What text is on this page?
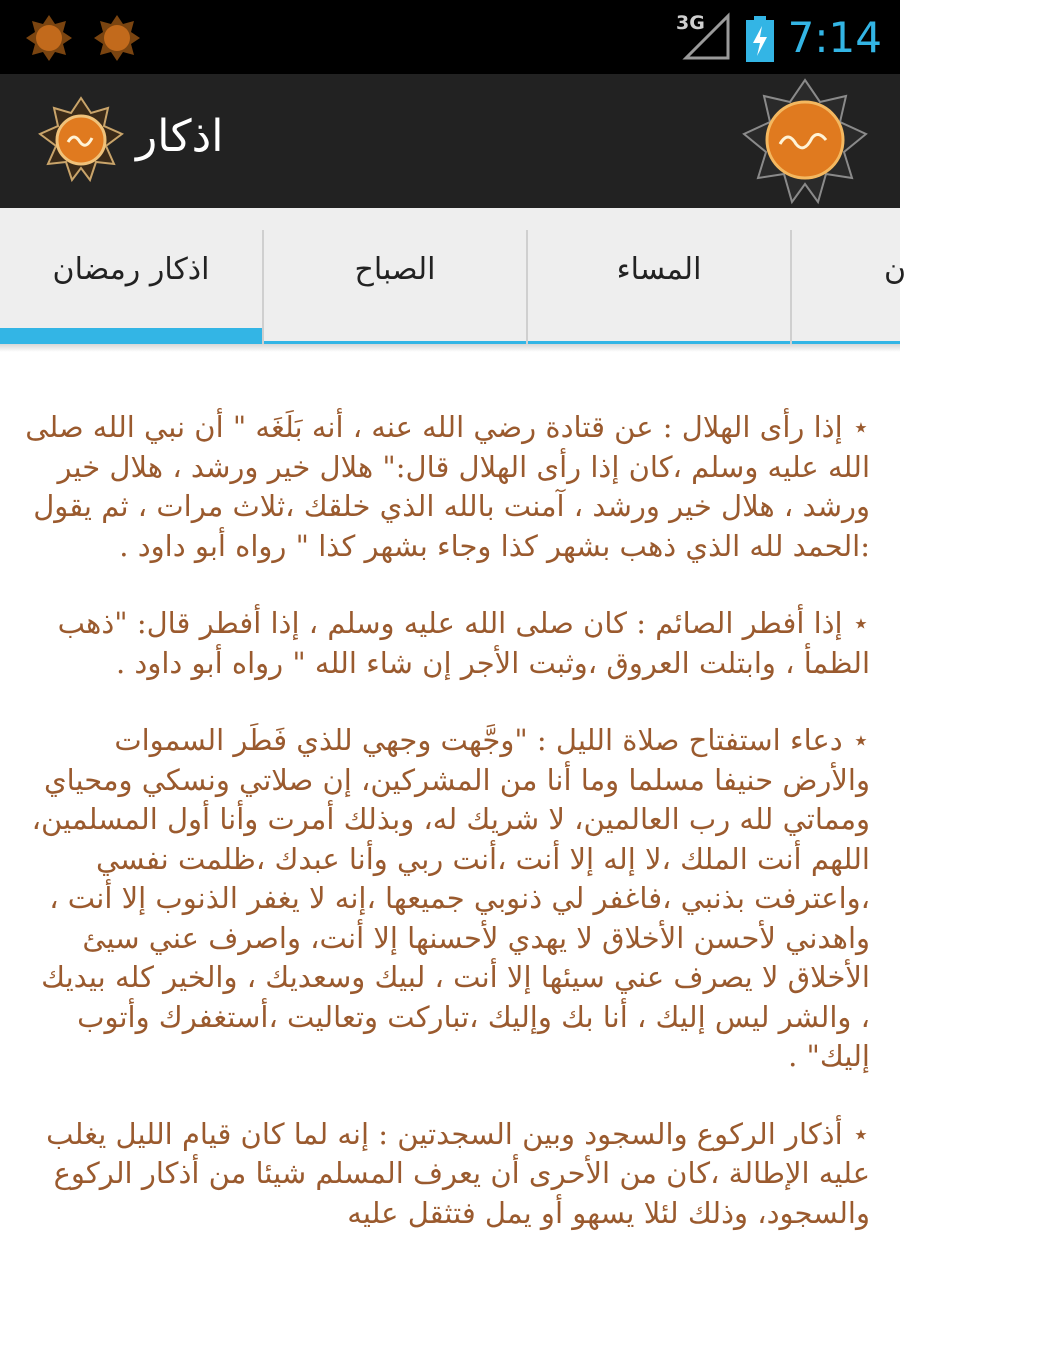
3G 7:14
اذكار
اذكار رمضان	الصباح	المساء	ن

⋆ إذا رأى الهلال : عن قتادة رضي الله عنه ، أنه بَلَغَه " أن نبي الله صلى الله عليه وسلم ،كان إذا رأى الهلال قال:" هلال خير ورشد ، هلال خير ورشد ، هلال خير ورشد ، آمنت بالله الذي خلقك ،ثلاث مرات ، ثم يقول :الحمد لله الذي ذهب بشهر كذا وجاء بشهر كذا " رواه أبو داود .

⋆ إذا أفطر الصائم : كان صلى الله عليه وسلم ، إذا أفطر قال: "ذهب الظمأ ، وابتلت العروق ،وثبت الأجر إن شاء الله " رواه أبو داود .

⋆ دعاء استفتاح صلاة الليل : "وجَّهت وجهي للذي فَطَر السموات والأرض حنيفا مسلما وما أنا من المشركين، إن صلاتي ونسكي ومحياي ومماتي لله رب العالمين، لا شريك له، وبذلك أمرت وأنا أول المسلمين، اللهم أنت الملك ،لا إله إلا أنت ،أنت ربي وأنا عبدك ،ظلمت نفسي ،واعترفت بذنبي ،فاغفر لي ذنوبي جميعها ،إنه لا يغفر الذنوب إلا أنت ، واهدني لأحسن الأخلاق لا يهدي لأحسنها إلا أنت، واصرف عني سيئ الأخلاق لا يصرف عني سيئها إلا أنت ، لبيك وسعديك ، والخير كله بيديك ، والشر ليس إليك ، أنا بك وإليك ،تباركت وتعاليت ،أستغفرك وأتوب إليك" .

⋆ أذكار الركوع والسجود وبين السجدتين : إنه لما كان قيام الليل يغلب عليه الإطالة ،كان من الأحرى أن يعرف المسلم شيئا من أذكار الركوع والسجود، وذلك لئلا يسهو أو يمل فتثقل عليه
